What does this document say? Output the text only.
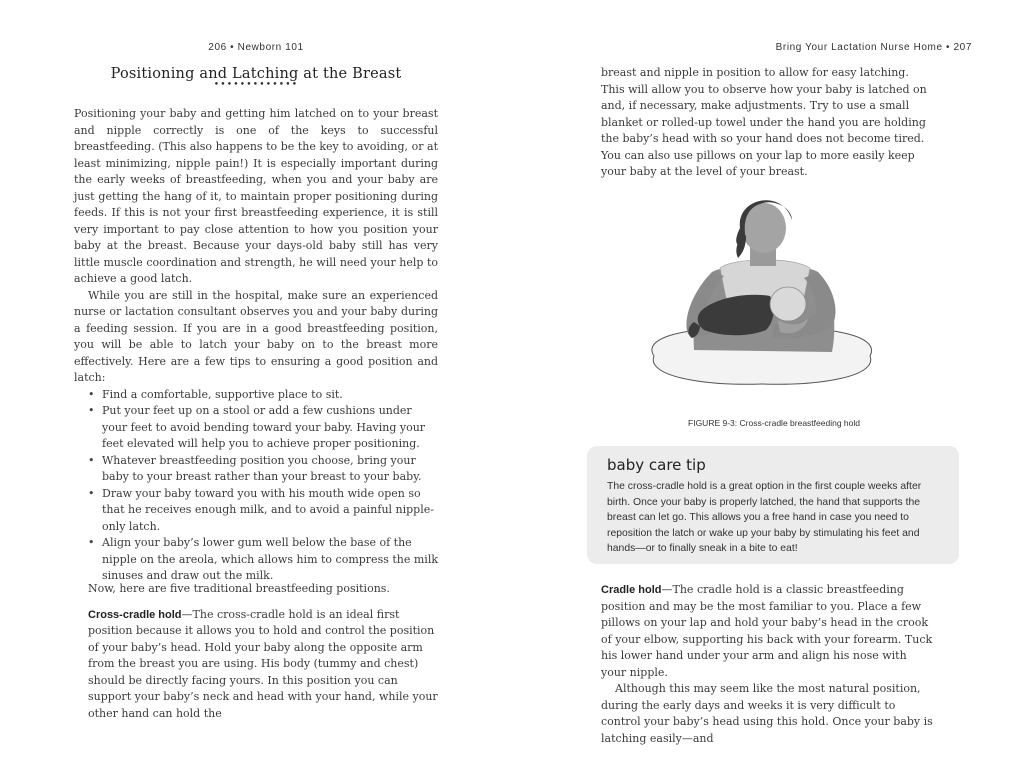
206 • Newborn 101
Positioning and Latching at the Breast
•••••••••••••

Positioning your baby and getting him latched on to your breast and nipple correctly is one of the keys to successful breastfeeding. (This also happens to be the key to avoiding, or at least minimizing, nipple pain!) It is especially important during the early weeks of breastfeeding, when you and your baby are just getting the hang of it, to maintain proper positioning during feeds. If this is not your first breastfeeding experience, it is still very important to pay close attention to how you position your baby at the breast. Because your days-old baby still has very little muscle coordination and strength, he will need your help to achieve a good latch.

While you are still in the hospital, make sure an experienced nurse or lactation consultant observes you and your baby during a feeding session. If you are in a good breastfeeding position, you will be able to latch your baby on to the breast more effectively. Here are a few tips to ensuring a good position and latch:

• Find a comfortable, supportive place to sit.
• Put your feet up on a stool or add a few cushions under your feet to avoid bending toward your baby. Having your feet elevated will help you to achieve proper positioning.
• Whatever breastfeeding position you choose, bring your baby to your breast rather than your breast to your baby.
• Draw your baby toward you with his mouth wide open so that he receives enough milk, and to avoid a painful nipple-only latch.
• Align your baby’s lower gum well below the base of the nipple on the areola, which allows him to compress the milk sinuses and draw out the milk.

Now, here are five traditional breastfeeding positions.

Cross-cradle hold—The cross-cradle hold is an ideal first position because it allows you to hold and control the position of your baby’s head. Hold your baby along the opposite arm from the breast you are using. His body (tummy and chest) should be directly facing yours. In this position you can support your baby’s neck and head with your hand, while your other hand can hold the

Bring Your Lactation Nurse Home • 207

breast and nipple in position to allow for easy latching. This will allow you to observe how your baby is latched on and, if necessary, make adjustments. Try to use a small blanket or rolled-up towel under the hand you are holding the baby’s head with so your hand does not become tired. You can also use pillows on your lap to more easily keep your baby at the level of your breast.

FIGURE 9-3: Cross-cradle breastfeeding hold
baby care tip

The cross-cradle hold is a great option in the first couple weeks after birth. Once your baby is properly latched, the hand that supports the breast can let go. This allows you a free hand in case you need to reposition the latch or wake up your baby by stimulating his feet and hands—or to finally sneak in a bite to eat!

Cradle hold—The cradle hold is a classic breastfeeding position and may be the most familiar to you. Place a few pillows on your lap and hold your baby’s head in the crook of your elbow, supporting his back with your forearm. Tuck his lower hand under your arm and align his nose with your nipple.

Although this may seem like the most natural position, during the early days and weeks it is very difficult to control your baby’s head using this hold. Once your baby is latching easily—and
